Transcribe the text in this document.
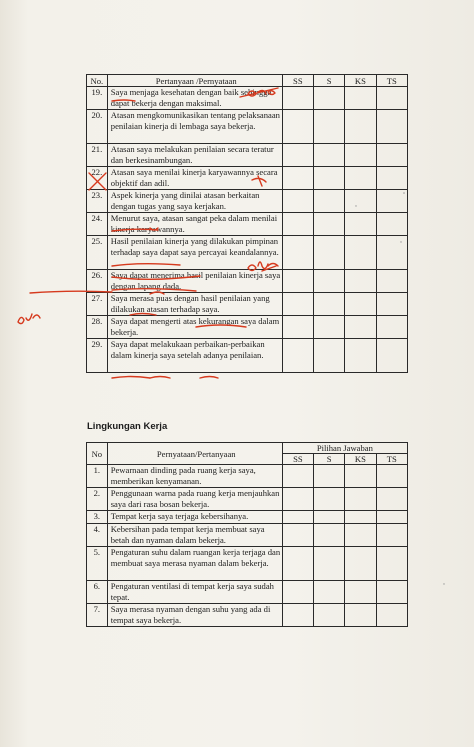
No.	Pertanyaan /Pernyataan	SS	S	KS	TS
19.	Saya menjaga kesehatan dengan baik sehingga dapat bekerja dengan maksimal.				
20.	Atasan mengkomunikasikan tentang pelaksanaan penilaian kinerja di lembaga saya bekerja.				
21.	Atasan saya melakukan penilaian secara teratur dan berkesinambungan.				
22.	Atasan saya menilai kinerja karyawannya secara objektif dan adil.				
23.	Aspek kinerja yang dinilai atasan berkaitan dengan tugas yang saya kerjakan.				
24.	Menurut saya, atasan sangat peka dalam menilai kinerja karyawannya.				
25.	Hasil penilaian kinerja yang dilakukan pimpinan terhadap saya dapat saya percayai keandalannya.				
26.	Saya dapat menerima hasil penilaian kinerja saya dengan lapang dada.				
27.	Saya merasa puas dengan hasil penilaian yang dilakukan atasan terhadap saya.				
28.	Saya dapat mengerti atas kekurangan saya dalam bekerja.				
29.	Saya dapat melakukaan perbaikan-perbaikan dalam kinerja saya setelah adanya penilaian.				
Lingkungan Kerja
No	Pernyataan/Pertanyaan	Pilihan Jawaban			
		SS	S	KS	TS
1.	Pewarnaan dinding pada ruang kerja saya, memberikan kenyamanan.				
2.	Penggunaan warna pada ruang kerja menjauhkan saya dari rasa bosan bekerja.				
3.	Tempat kerja saya terjaga kebersihanya.				
4.	Kebersihan pada tempat kerja membuat saya betah dan nyaman dalam bekerja.				
5.	Pengaturan suhu dalam ruangan kerja terjaga dan membuat saya merasa nyaman dalam bekerja.				
6.	Pengaturan ventilasi di tempat kerja saya sudah tepat.				
7.	Saya merasa nyaman dengan suhu yang ada di tempat saya bekerja.				
